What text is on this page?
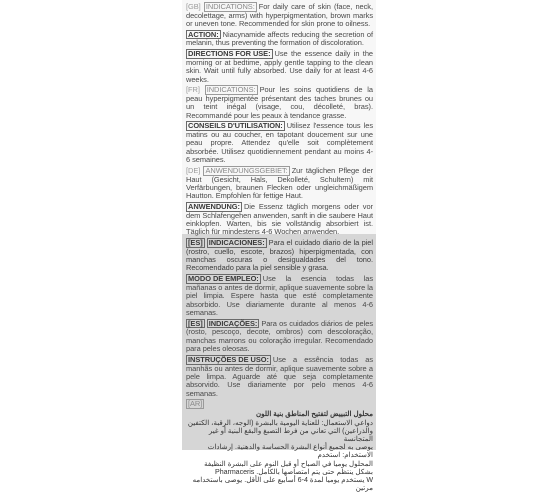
[GB] INDICATIONS: For daily care of skin (face, neck, decolettage, arms) with hyperpigmentation, brown marks or uneven tone. Recommended for skin prone to oilness.

ACTION: Niacynamide affects reducing the secretion of melanin, thus preventing the formation of discoloration.

DIRECTIONS FOR USE: Use the essence daily in the morning or at bedtime, apply gentle tapping to the clean skin. Wait until fully absorbed. Use daily for at least 4-6 weeks.

[FR] INDICATIONS: Pour les soins quotidiens de la peau hyperpigmentée présentant des taches brunes ou un teint inégal (visage, cou, décolleté, bras). Recommandé pour les peaux à tendance grasse.

CONSEILS D'UTILISATION: Utilisez l'essence tous les matins ou au coucher, en tapotant doucement sur une peau propre. Attendez qu'elle soit complètement absorbée. Utilisez quotidiennement pendant au moins 4-6 semaines.

[DE] ANWENDUNGSGEBIET: Zur täglichen Pflege der Haut (Gesicht, Hals, Dekolleté, Schultern) mit Verfärbungen, braunen Flecken oder ungleichmäßigem Hautton. Empfohlen für fettige Haut.

ANWENDUNG: Die Essenz täglich morgens oder vor dem Schlafengehen anwenden, sanft in die saubere Haut einklopfen. Warten, bis sie vollständig absorbiert ist. Täglich für mindestens 4-6 Wochen anwenden.

[ES] INDICACIONES: Para el cuidado diario de la piel (rostro, cuello, escote, brazos) hiperpigmentada, con manchas oscuras o desigualdades del tono. Recomendado para la piel sensible y grasa.

MODO DE EMPLEO: Use la esencia todas las mañanas o antes de dormir, aplique suavemente sobre la piel limpia. Espere hasta que esté completamente absorbido. Use diariamente durante al menos 4-6 semanas.

[ES] INDICAÇÕES: Para os cuidados diários de peles (rosto, pescoço, decote, ombros) com descoloração, manchas marrons ou coloração irregular. Recomendado para peles oleosas.

INSTRUÇÕES DE USO: Use a essência todas as manhãs ou antes de dormir, aplique suavemente sobre a pele limpa. Aguarde até que seja completamente absorvido. Use diariamente por pelo menos 4-6 semanas.

[AR]

محلول التبييض لتفتيح المناطق بنية اللون
دواعي الاستعمال: للعناية اليومية بالبشرة (الوجه، الرقبة، الكتفين
والذراعين) التي تعاني من فرط التصبغ والبقع البنية أو غير المتجانسة
يوصى به لجميع أنواع البشرة الحساسة والدهنية. إرشادات الاستخدام: استخدم
المحلول يوميا في الصباح أو قبل النوم على البشرة النظيفة
بشكل ينتظم حتى يتم امتصاصها بالكامل. Pharmaceris
W يستخدم يوميا لمدة 4-6 أسابيع على الأقل. يوصى باستخدامه مرتين
